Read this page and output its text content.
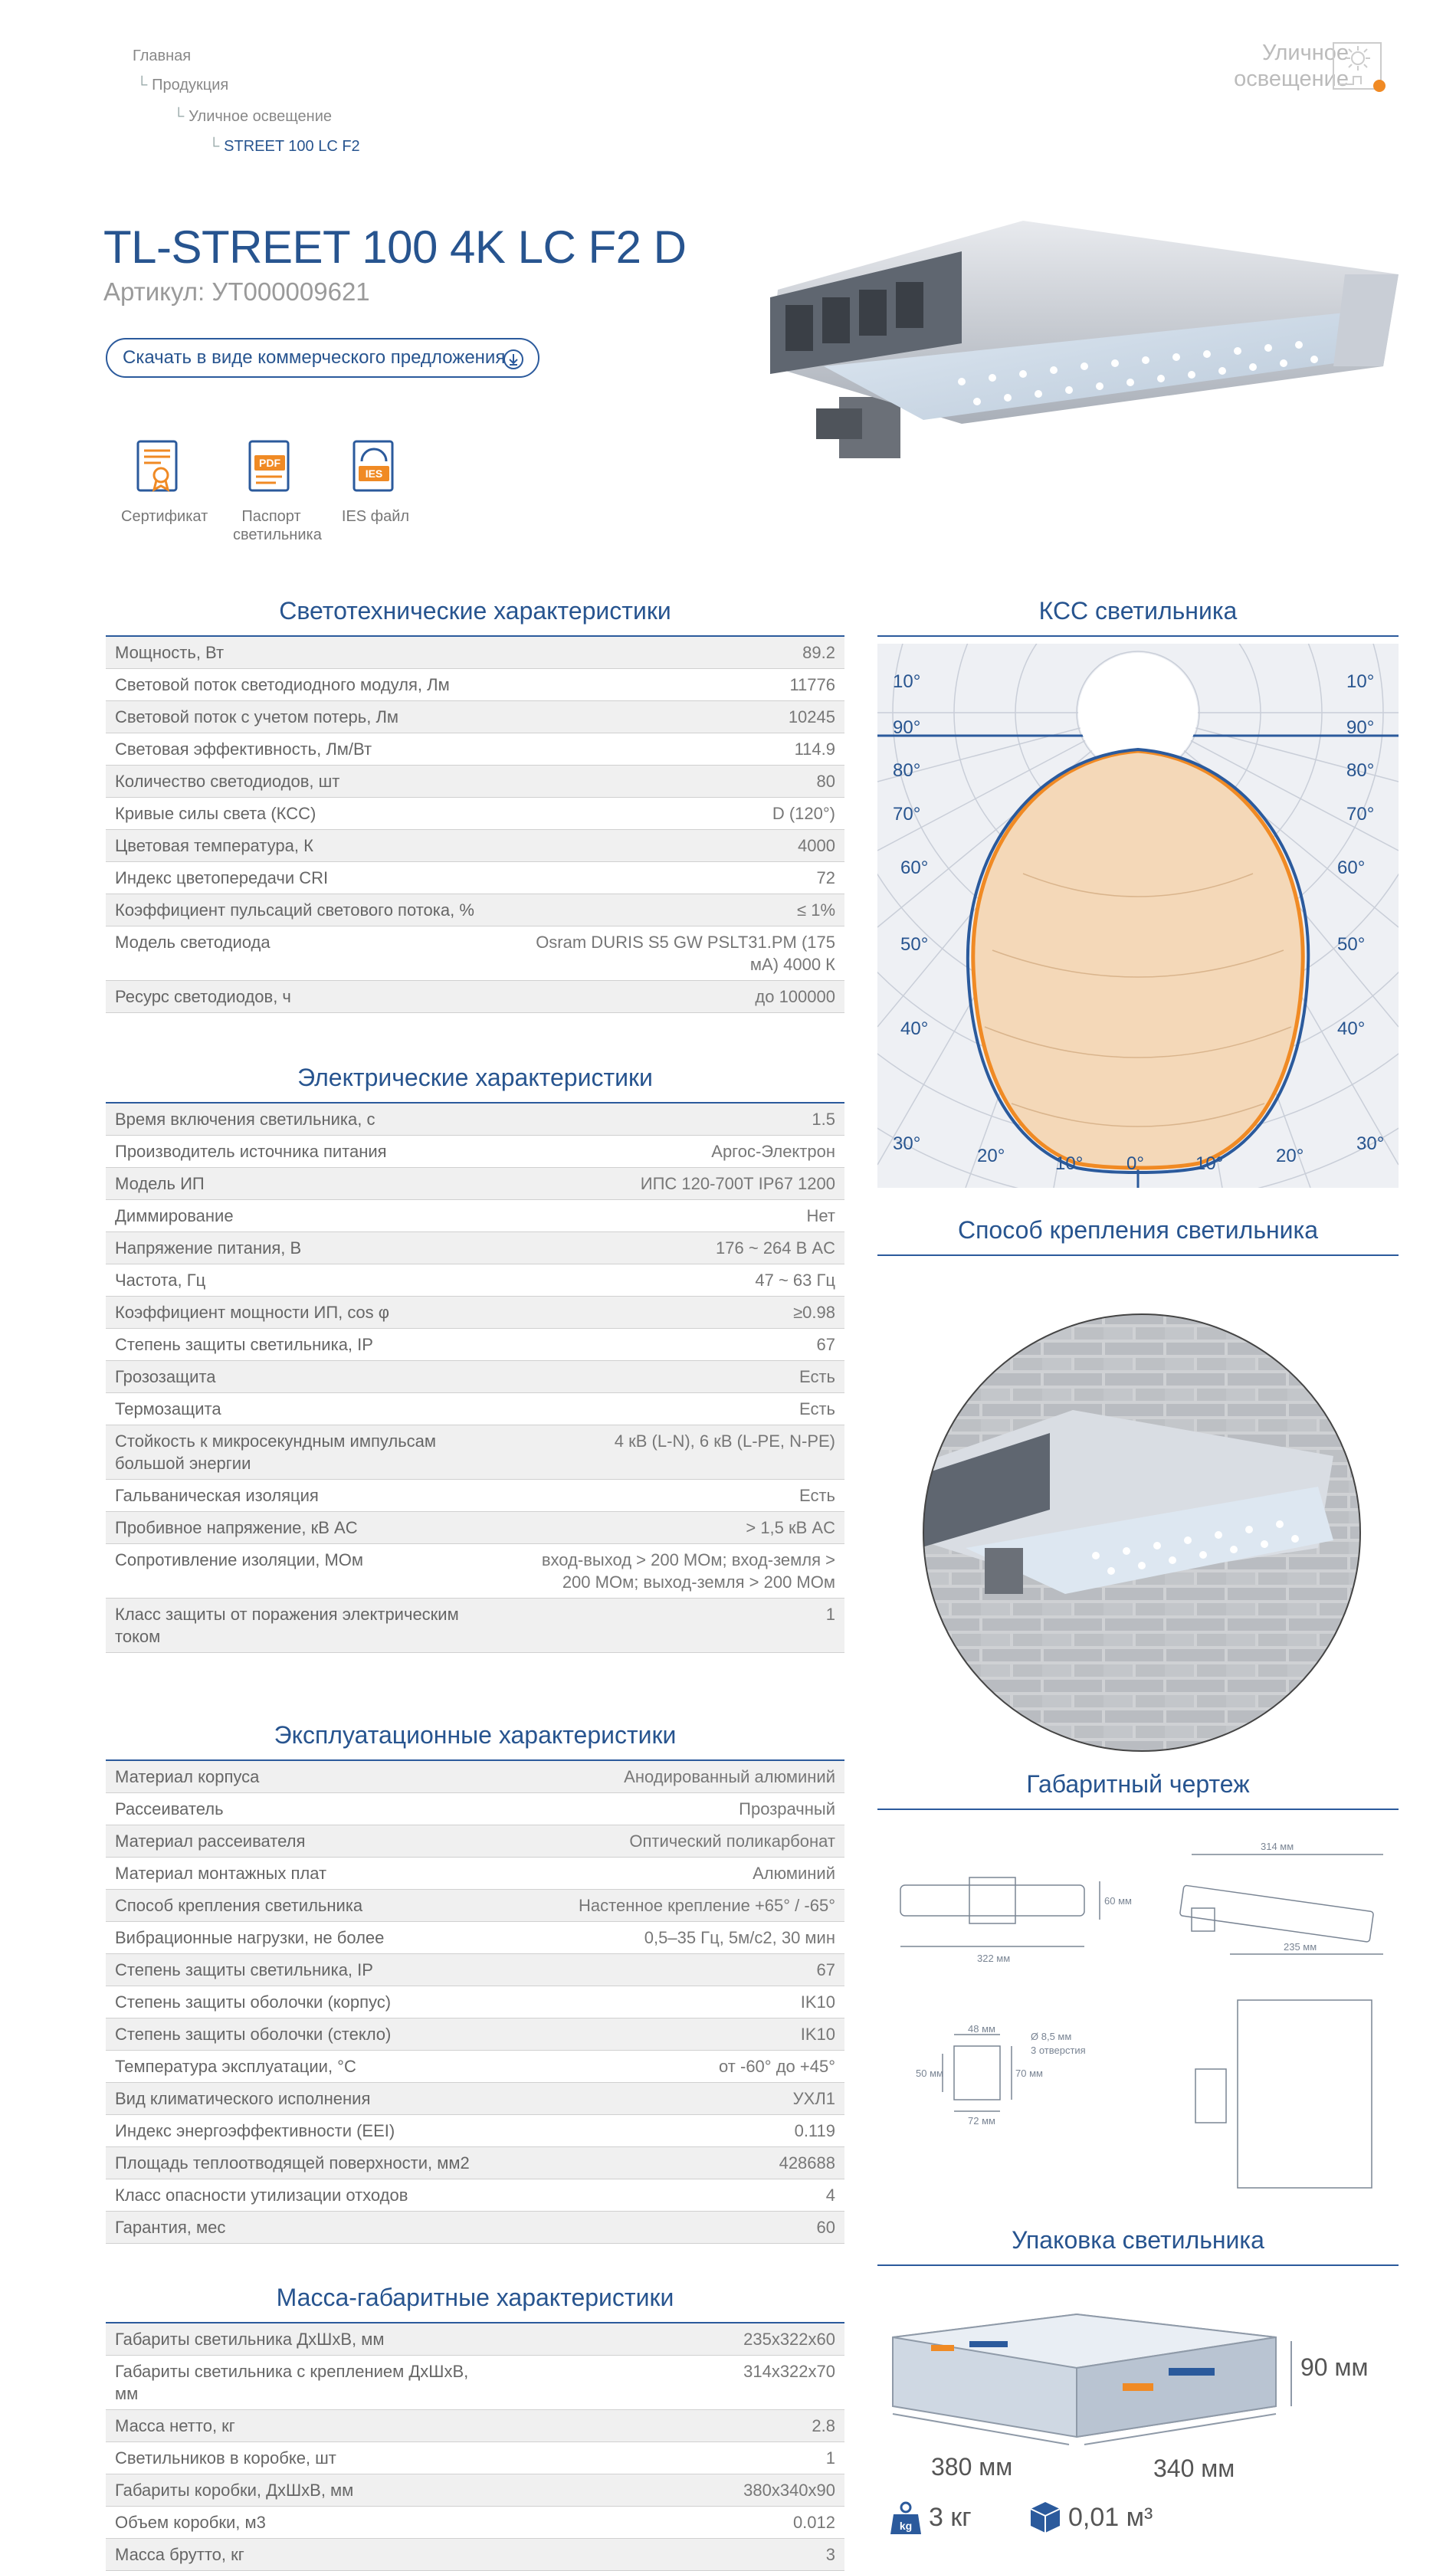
Главная
└ Продукция
└ Уличное освещение
└ STREET 100 LC F2
Уличное
освещение
TL-STREET 100 4K LC F2 D
Артикул: УТ000009621
Скачать в виде коммерческого предложения
Сертификат
PDF
Паспорт
светильника
IES
IES файл
Светотехнические характеристики
Мощность, Вт	89.2
Световой поток светодиодного модуля, Лм	11776
Световой поток с учетом потерь, Лм	10245
Световая эффективность, Лм/Вт	114.9
Количество светодиодов, шт	80
Кривые силы света (КСС)	D (120°)
Цветовая температура, К	4000
Индекс цветопередачи CRI	72
Коэффициент пульсаций светового потока, %	≤ 1%
Модель светодиода	Osram DURIS S5 GW PSLT31.PM (175 мА) 4000 К
Ресурс светодиодов, ч	до 100000
Электрические характеристики
Время включения светильника, с	1.5
Производитель источника питания	Аргос-Электрон
Модель ИП	ИПС 120-700Т IP67 1200
Диммирование	Нет
Напряжение питания, В	176 ~ 264 В AC
Частота, Гц	47 ~ 63 Гц
Коэффициент мощности ИП, cos φ	≥0.98
Степень защиты светильника, IP	67
Грозозащита	Есть
Термозащита	Есть
Стойкость к микросекундным импульсам большой энергии	4 кВ (L-N), 6 кВ (L-PE, N-PE)
Гальваническая изоляция	Есть
Пробивное напряжение, кВ AC	> 1,5 кВ AC
Сопротивление изоляции, МОм	вход-выход > 200 МОм; вход-земля > 200 МОм; выход-земля > 200 МОм
Класс защиты от поражения электрическим током	1
Эксплуатационные характеристики
Материал корпуса	Анодированный алюминий
Рассеиватель	Прозрачный
Материал рассеивателя	Оптический поликарбонат
Материал монтажных плат	Алюминий
Способ крепления светильника	Настенное крепление +65° / -65°
Вибрационные нагрузки, не более	0,5–35 Гц, 5м/с2, 30 мин
Степень защиты светильника, IP	67
Степень защиты оболочки (корпус)	IK10
Степень защиты оболочки (стекло)	IK10
Температура эксплуатации, °С	от -60° до +45°
Вид климатического исполнения	УХЛ1
Индекс энергоэффективности (EEI)	0.119
Площадь теплоотводящей поверхности, мм2	428688
Класс опасности утилизации отходов	4
Гарантия, мес	60
Масса-габаритные характеристики
Габариты светильника ДхШхВ, мм	235х322х60
Габариты светильника с креплением ДхШхВ, мм	314х322х70
Масса нетто, кг	2.8
Светильников в коробке, шт	1
Габариты коробки, ДхШхВ, мм	380х340х90
Объем коробки, м3	0.012
Масса брутто, кг	3
КСС светильника
10°
90°
80°
70°
60°
50°
40°
10°
90°
80°
70°
60°
50°
40°
30°
20°	10° 0°	10°	20°
30°
Способ крепления светильника
Габаритный чертеж
322 мм
60 мм
314 мм
235 мм
Ø 8,5 мм
3 отверстия
48 мм
70 мм
50 мм
72 мм
Упаковка светильника
90 мм
380 мм	340 мм
kg 3 кг	0,01 м³
